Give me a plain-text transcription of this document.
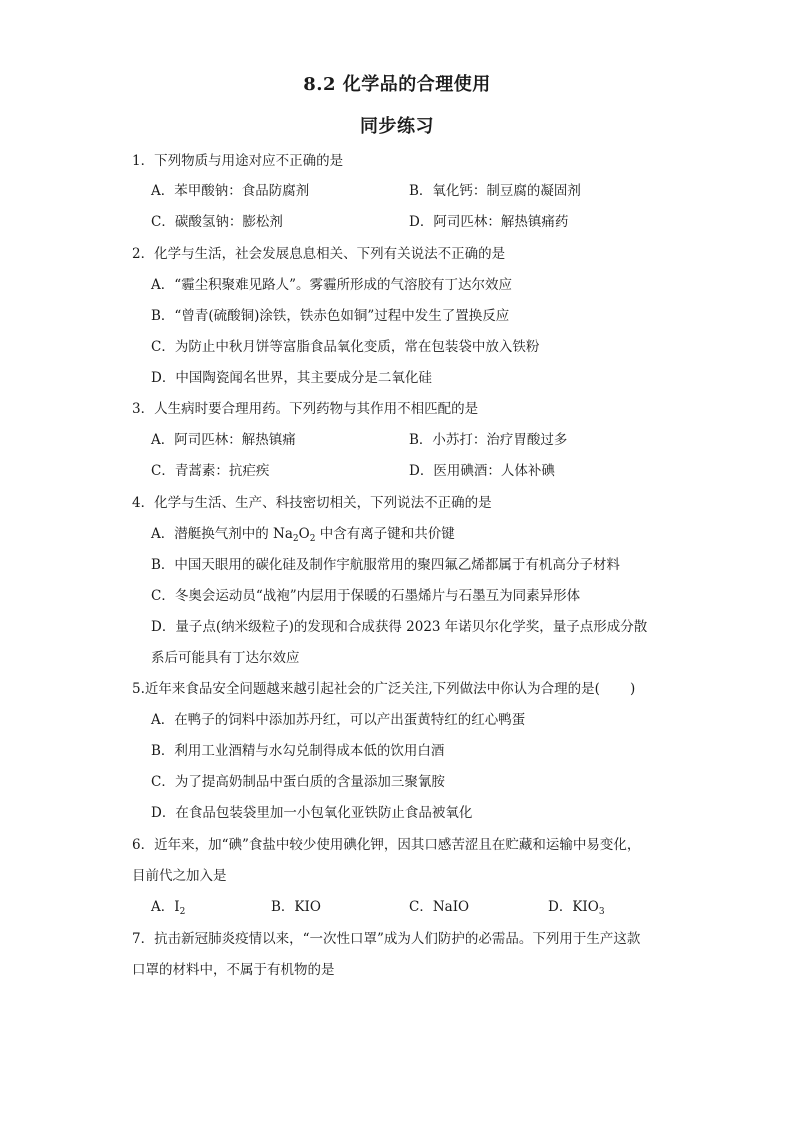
8.2 化学品的合理使用
同步练习
1．下列物质与用途对应不正确的是
A．苯甲酸钠：食品防腐剂	B．氧化钙：制豆腐的凝固剂
C．碳酸氢钠：膨松剂	D．阿司匹林：解热镇痛药
2．化学与生活，社会发展息息相关、下列有关说法不正确的是
A．“霾尘积聚难见路人”。雾霾所形成的气溶胶有丁达尔效应
B．“曾青(硫酸铜)涂铁，铁赤色如铜”过程中发生了置换反应
C．为防止中秋月饼等富脂食品氧化变质，常在包装袋中放入铁粉
D．中国陶瓷闻名世界，其主要成分是二氧化硅
3．人生病时要合理用药。下列药物与其作用不相匹配的是
A．阿司匹林：解热镇痛	B．小苏打：治疗胃酸过多
C．青蒿素：抗疟疾	D．医用碘酒：人体补碘
4．化学与生活、生产、科技密切相关，下列说法不正确的是
A．潜艇换气剂中的 $Na_2O_2$ 中含有离子键和共价键
B．中国天眼用的碳化硅及制作宇航服常用的聚四氟乙烯都属于有机高分子材料
C．冬奥会运动员“战袍”内层用于保暖的石墨烯片与石墨互为同素异形体
D．量子点(纳米级粒子)的发现和合成获得 2023 年诺贝尔化学奖，量子点形成分散
系后可能具有丁达尔效应
5.近年来食品安全问题越来越引起社会的广泛关注,下列做法中你认为合理的是( )
A．在鸭子的饲料中添加苏丹红，可以产出蛋黄特红的红心鸭蛋
B．利用工业酒精与水勾兑制得成本低的饮用白酒
C．为了提高奶制品中蛋白质的含量添加三聚氰胺
D．在食品包装袋里加一小包氧化亚铁防止食品被氧化
6．近年来，加“碘”食盐中较少使用碘化钾，因其口感苦涩且在贮藏和运输中易变化，
目前代之加入是
A．$I_2$	B．KIO	C．NaIO	D．$KIO_3$
7．抗击新冠肺炎疫情以来，“一次性口罩”成为人们防护的必需品。下列用于生产这款
口罩的材料中，不属于有机物的是
